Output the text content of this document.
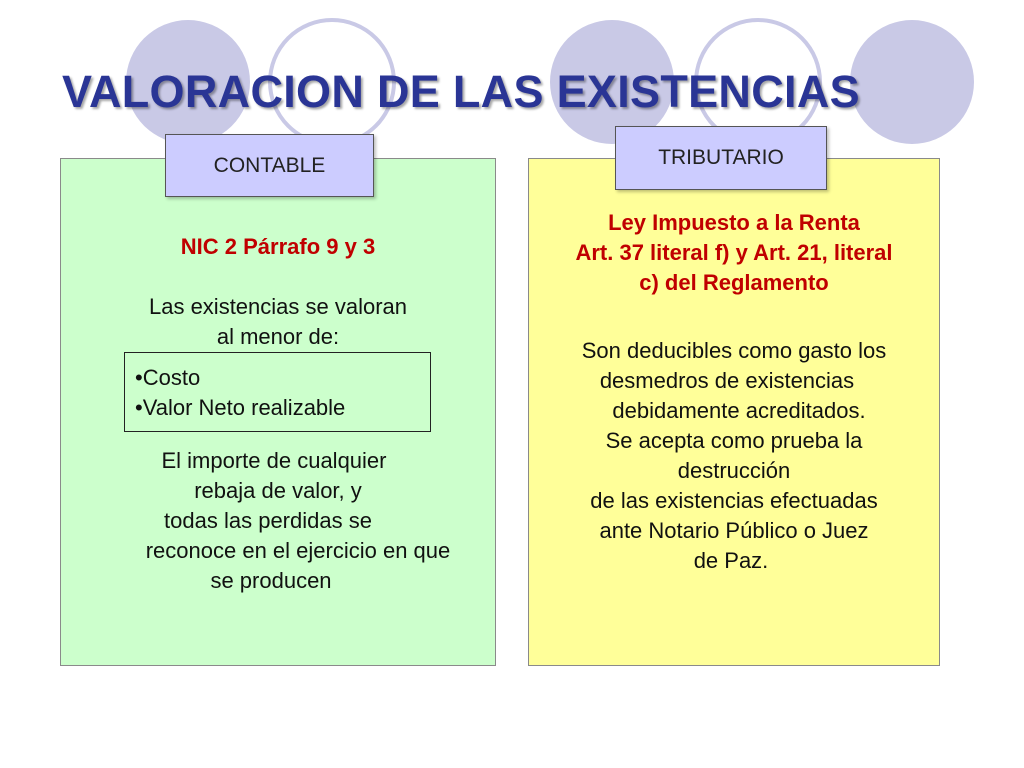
VALORACION DE LAS EXISTENCIAS
CONTABLE

NIC 2 Párrafo 9 y 3

Las existencias se valoran
al menor de:
•Costo
•Valor Neto realizable
El importe de cualquier
rebaja de valor, y
todas las perdidas se
reconoce en el ejercicio en que
se producen
TRIBUTARIO
Ley Impuesto a la Renta
Art. 37 literal f) y Art. 21, literal
c) del Reglamento
Son deducibles como gasto los
desmedros de existencias
debidamente acreditados.
Se acepta como prueba la
destrucción
de las existencias efectuadas
ante Notario Público o Juez
de Paz.
